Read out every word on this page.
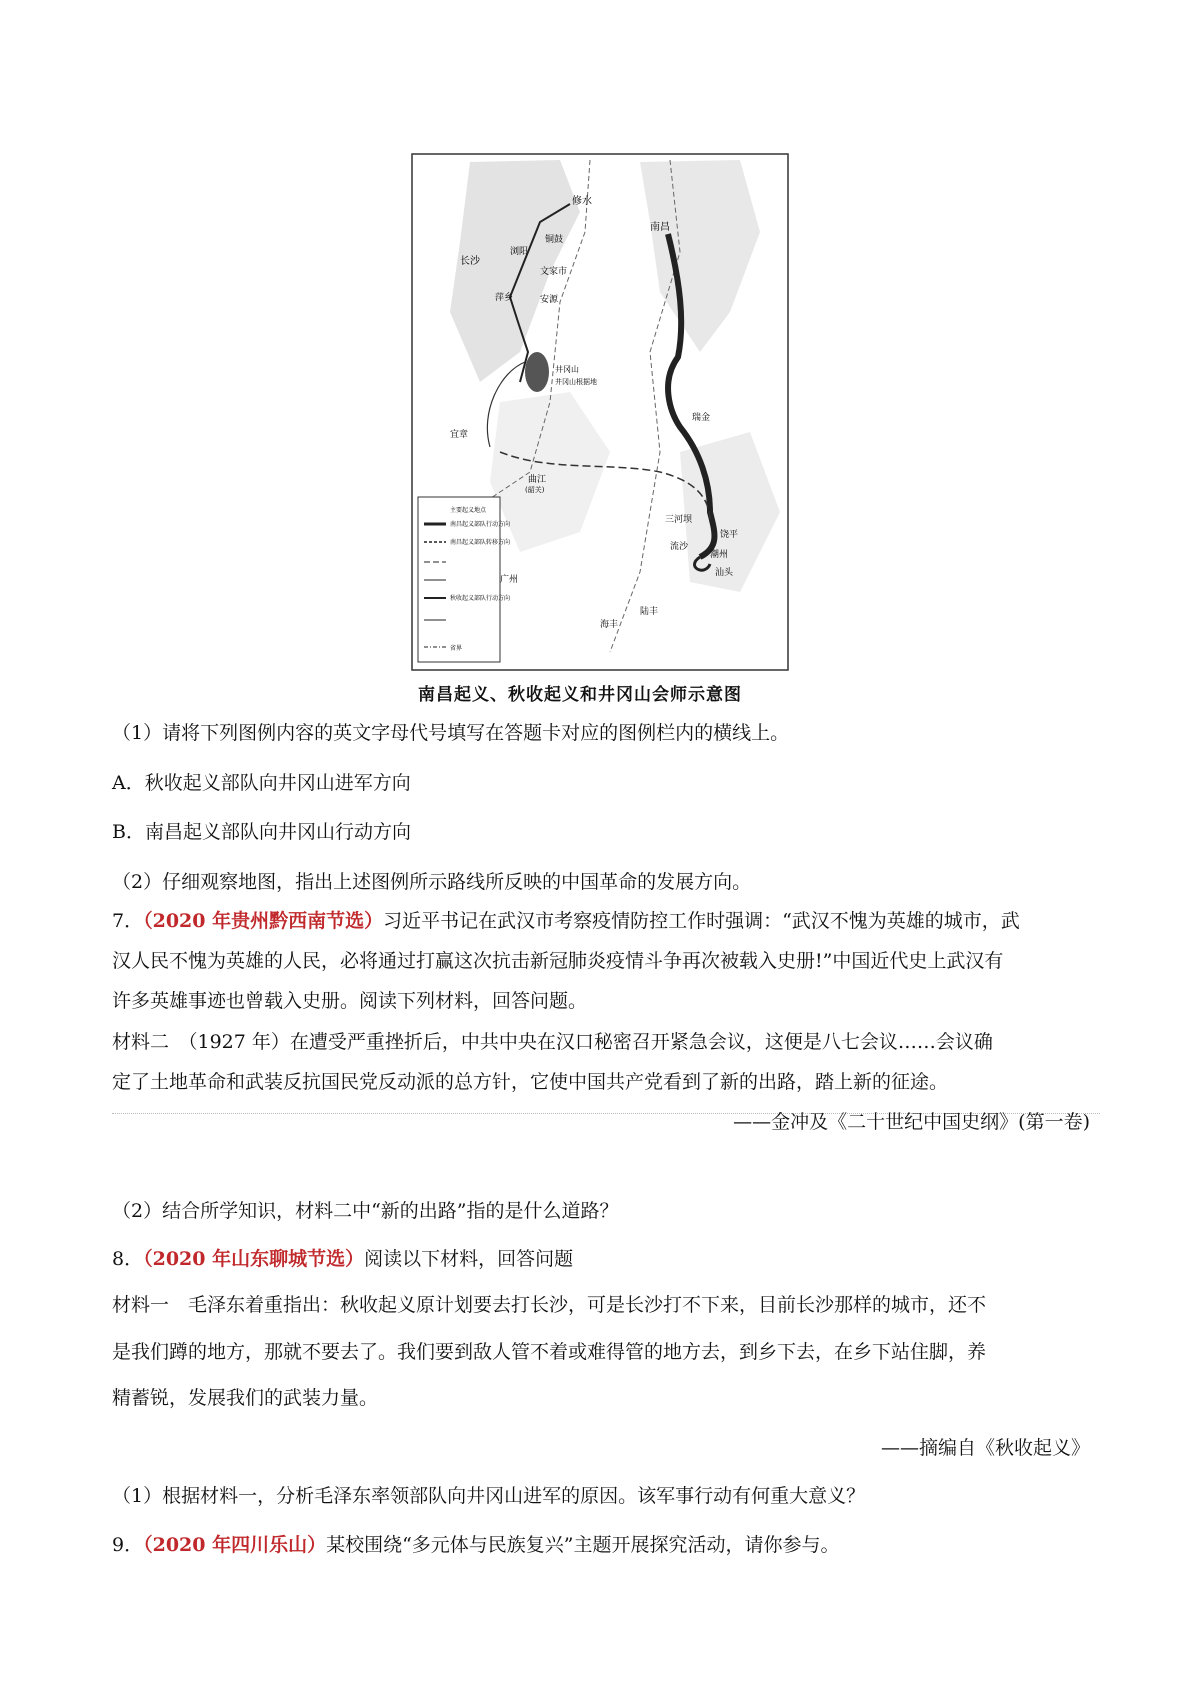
修水
南昌
长沙
铜鼓
浏阳
文家市
萍乡	安源
井冈山
井冈山根据地
瑞金
宜章
曲江
(韶关)
三河坝
饶平
潮州
汕头
流沙
广州
海丰
陆丰
主要起义地点
南昌起义部队行动方向
南昌起义部队转移方向
秋收起义部队行动方向
省界
南昌起义、秋收起义和井冈山会师示意图
（1）请将下列图例内容的英文字母代号填写在答题卡对应的图例栏内的横线上。
A．秋收起义部队向井冈山进军方向
B．南昌起义部队向井冈山行动方向
（2）仔细观察地图，指出上述图例所示路线所反映的中国革命的发展方向。
7．（2020 年贵州黔西南节选）习近平书记在武汉市考察疫情防控工作时强调：“武汉不愧为英雄的城市，武
汉人民不愧为英雄的人民，必将通过打赢这次抗击新冠肺炎疫情斗争再次被载入史册!”中国近代史上武汉有
许多英雄事迹也曾载入史册。阅读下列材料，回答问题。
材料二　（1927 年）在遭受严重挫折后，中共中央在汉口秘密召开紧急会议，这便是八七会议……会议确
定了土地革命和武装反抗国民党反动派的总方针，它使中国共产党看到了新的出路，踏上新的征途。
——金冲及《二十世纪中国史纲》(第一卷)
（2）结合所学知识，材料二中“新的出路”指的是什么道路？
8．（2020 年山东聊城节选）阅读以下材料，回答问题
材料一　毛泽东着重指出：秋收起义原计划要去打长沙，可是长沙打不下来，目前长沙那样的城市，还不
是我们蹲的地方，那就不要去了。我们要到敌人管不着或难得管的地方去，到乡下去，在乡下站住脚，养
精蓄锐，发展我们的武装力量。
——摘编自《秋收起义》
（1）根据材料一，分析毛泽东率领部队向井冈山进军的原因。该军事行动有何重大意义？
9．（2020 年四川乐山）某校围绕“多元体与民族复兴”主题开展探究活动，请你参与。
